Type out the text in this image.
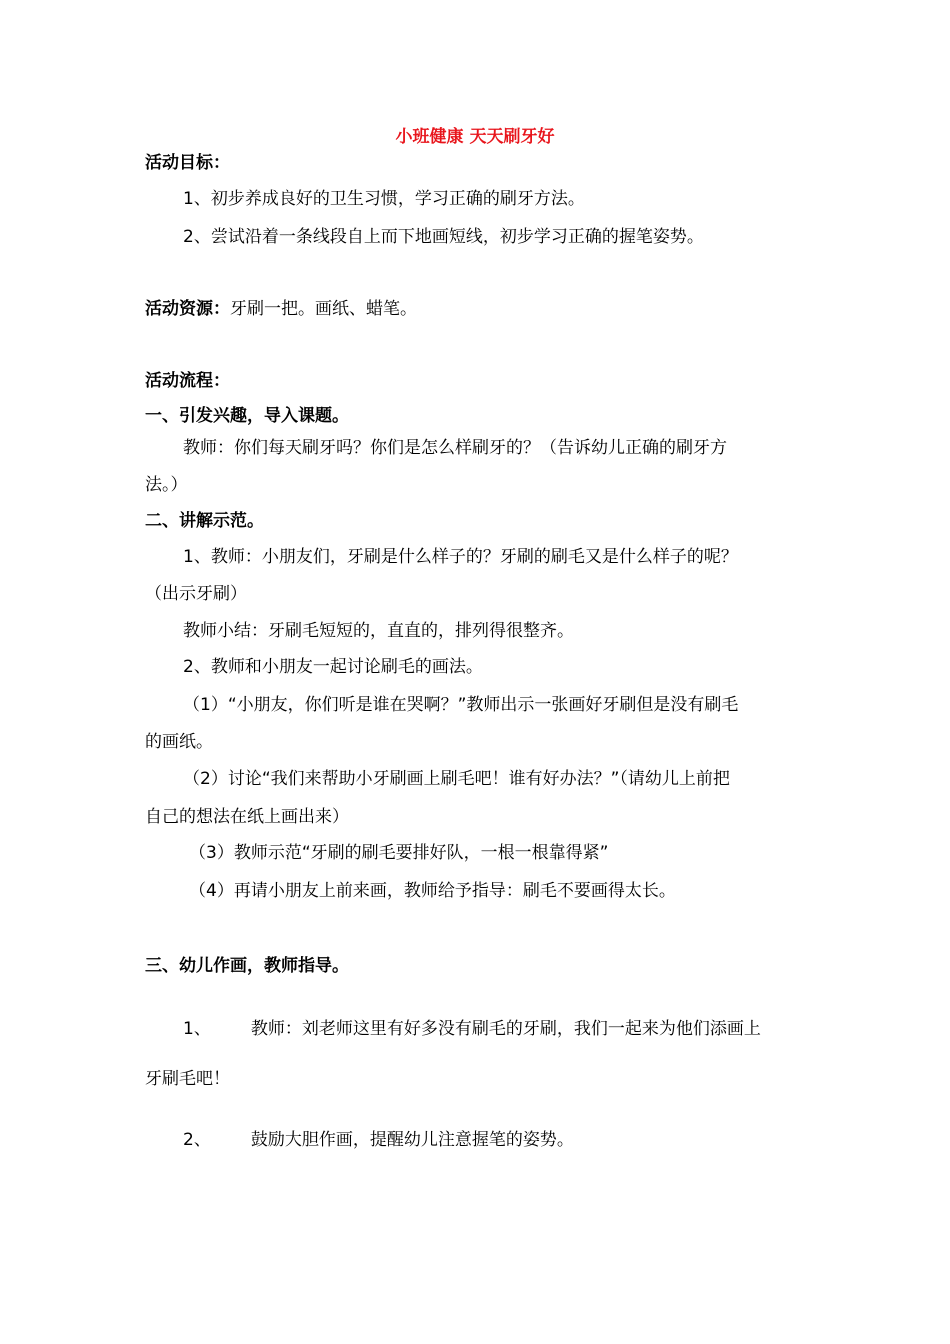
小班健康 天天刷牙好
活动目标：
1、初步养成良好的卫生习惯，学习正确的刷牙方法。
2、尝试沿着一条线段自上而下地画短线，初步学习正确的握笔姿势。
活动资源：牙刷一把。画纸、蜡笔。
活动流程：
一、引发兴趣，导入课题。
教师：你们每天刷牙吗？你们是怎么样刷牙的？（告诉幼儿正确的刷牙方
法。）
二、讲解示范。
1、教师：小朋友们，牙刷是什么样子的？牙刷的刷毛又是什么样子的呢？
（出示牙刷）
教师小结：牙刷毛短短的，直直的，排列得很整齐。
2、教师和小朋友一起讨论刷毛的画法。
（1）“小朋友，你们听是谁在哭啊？”教师出示一张画好牙刷但是没有刷毛
的画纸。
（2）讨论“我们来帮助小牙刷画上刷毛吧！谁有好办法？”（请幼儿上前把
自己的想法在纸上画出来）
（3）教师示范“牙刷的刷毛要排好队，一根一根靠得紧”
（4）再请小朋友上前来画，教师给予指导：刷毛不要画得太长。
三、幼儿作画，教师指导。
1、 教师：刘老师这里有好多没有刷毛的牙刷，我们一起来为他们添画上
牙刷毛吧！
2、 鼓励大胆作画，提醒幼儿注意握笔的姿势。
